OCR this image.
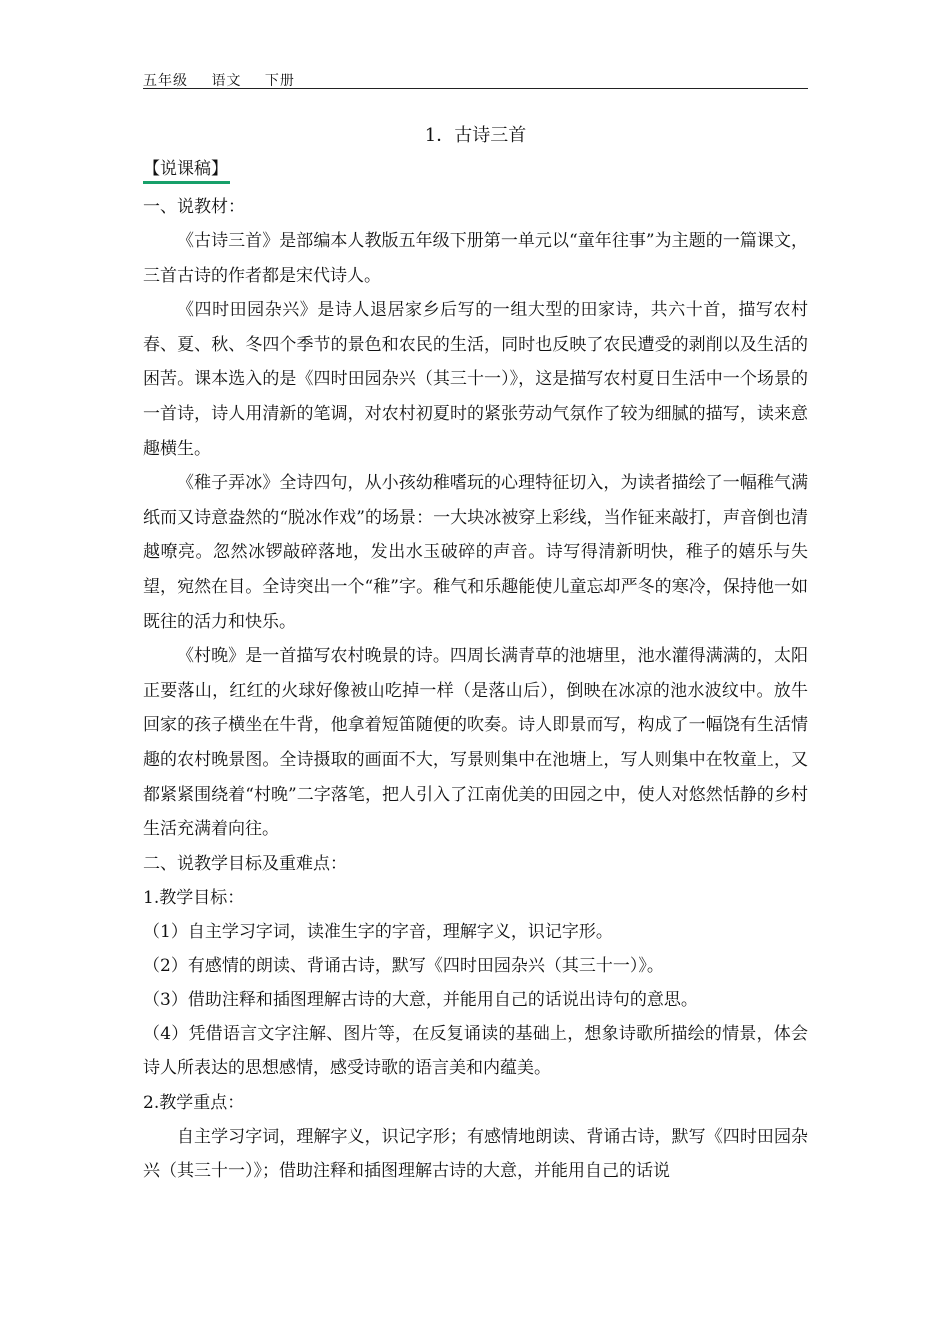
五年级 语文 下册
1．古诗三首
【说课稿】
一、说教材：

《古诗三首》是部编本人教版五年级下册第一单元以“童年往事”为主题的一篇课文，三首古诗的作者都是宋代诗人。

《四时田园杂兴》是诗人退居家乡后写的一组大型的田家诗，共六十首，描写农村春、夏、秋、冬四个季节的景色和农民的生活，同时也反映了农民遭受的剥削以及生活的困苦。课本选入的是《四时田园杂兴（其三十一）》，这是描写农村夏日生活中一个场景的一首诗，诗人用清新的笔调，对农村初夏时的紧张劳动气氛作了较为细腻的描写，读来意趣横生。

《稚子弄冰》全诗四句，从小孩幼稚嗜玩的心理特征切入，为读者描绘了一幅稚气满纸而又诗意盎然的“脱冰作戏”的场景：一大块冰被穿上彩线，当作钲来敲打，声音倒也清越嘹亮。忽然冰锣敲碎落地，发出水玉破碎的声音。诗写得清新明快，稚子的嬉乐与失望，宛然在目。全诗突出一个“稚”字。稚气和乐趣能使儿童忘却严冬的寒冷，保持他一如既往的活力和快乐。

《村晚》是一首描写农村晚景的诗。四周长满青草的池塘里，池水灌得满满的，太阳正要落山，红红的火球好像被山吃掉一样（是落山后），倒映在冰凉的池水波纹中。放牛回家的孩子横坐在牛背，他拿着短笛随便的吹奏。诗人即景而写，构成了一幅饶有生活情趣的农村晚景图。全诗摄取的画面不大，写景则集中在池塘上，写人则集中在牧童上，又都紧紧围绕着“村晚”二字落笔，把人引入了江南优美的田园之中，使人对悠然恬静的乡村生活充满着向往。

二、说教学目标及重难点：
1.教学目标：
（1）自主学习字词，读准生字的字音，理解字义，识记字形。
（2）有感情的朗读、背诵古诗，默写《四时田园杂兴（其三十一）》。
（3）借助注释和插图理解古诗的大意，并能用自己的话说出诗句的意思。

（4）凭借语言文字注解、图片等，在反复诵读的基础上，想象诗歌所描绘的情景，体会诗人所表达的思想感情，感受诗歌的语言美和内蕴美。

2.教学重点：

自主学习字词，理解字义，识记字形；有感情地朗读、背诵古诗，默写《四时田园杂兴（其三十一）》；借助注释和插图理解古诗的大意，并能用自己的话说
